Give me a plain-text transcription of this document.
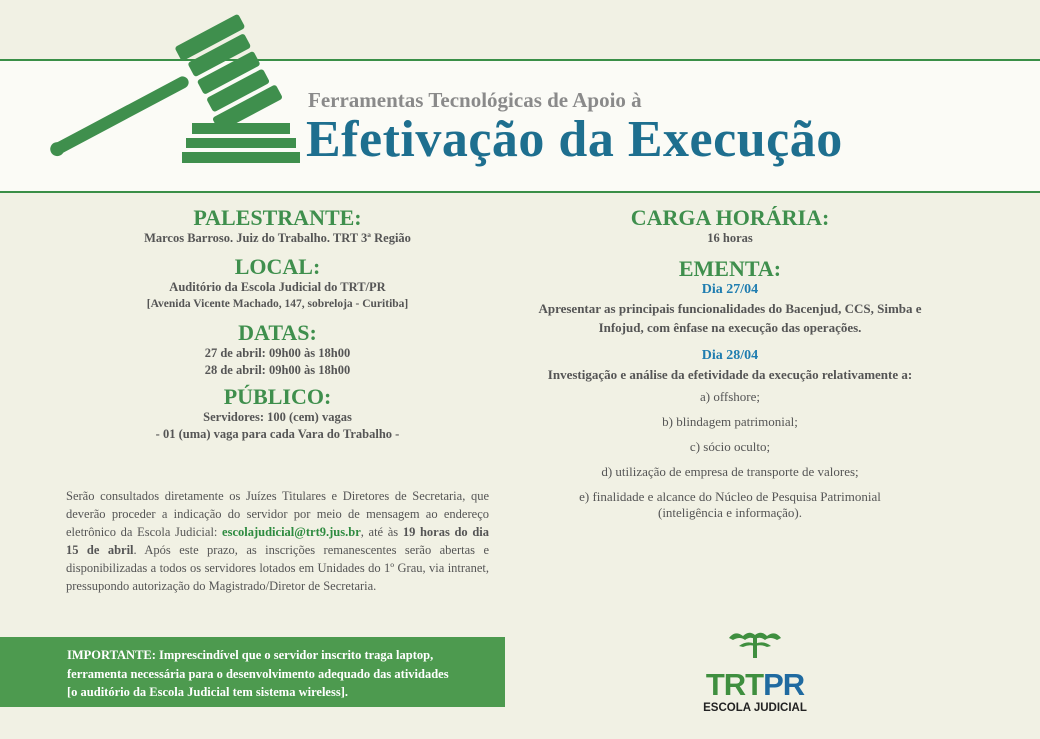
Ferramentas Tecnológicas de Apoio à

Efetivação da Execução
PALESTRANTE:
Marcos Barroso. Juiz do Trabalho. TRT 3ª Região
LOCAL:
Auditório da Escola Judicial do TRT/PR
[Avenida Vicente Machado, 147, sobreloja - Curitiba]
DATAS:
27 de abril: 09h00 às 18h00
28 de abril: 09h00 às 18h00
PÚBLICO:
Servidores: 100 (cem) vagas
- 01 (uma) vaga para cada Vara do Trabalho -
Serão consultados diretamente os Juízes Titulares e Diretores de Secretaria, que deverão proceder a indicação do servidor por meio de mensagem ao endereço eletrônico da Escola Judicial: escolajudicial@trt9.jus.br, até às 19 horas do dia 15 de abril. Após este prazo, as inscrições remanescentes serão abertas e disponibilizadas a todos os servidores lotados em Unidades do 1º Grau, via intranet, pressupondo autorização do Magistrado/Diretor de Secretaria.

IMPORTANTE: Imprescindível que o servidor inscrito traga laptop,
ferramenta necessária para o desenvolvimento adequado das atividades
[o auditório da Escola Judicial tem sistema wireless].

CARGA HORÁRIA:
16 horas
EMENTA:
Dia 27/04
Apresentar as principais funcionalidades do Bacenjud, CCS, Simba e
Infojud, com ênfase na execução das operações.
Dia 28/04
Investigação e análise da efetividade da execução relativamente a:
a) offshore;
b) blindagem patrimonial;
c) sócio oculto;
d) utilização de empresa de transporte de valores;
e) finalidade e alcance do Núcleo de Pesquisa Patrimonial
(inteligência e informação).
TRTPR
ESCOLA JUDICIAL
